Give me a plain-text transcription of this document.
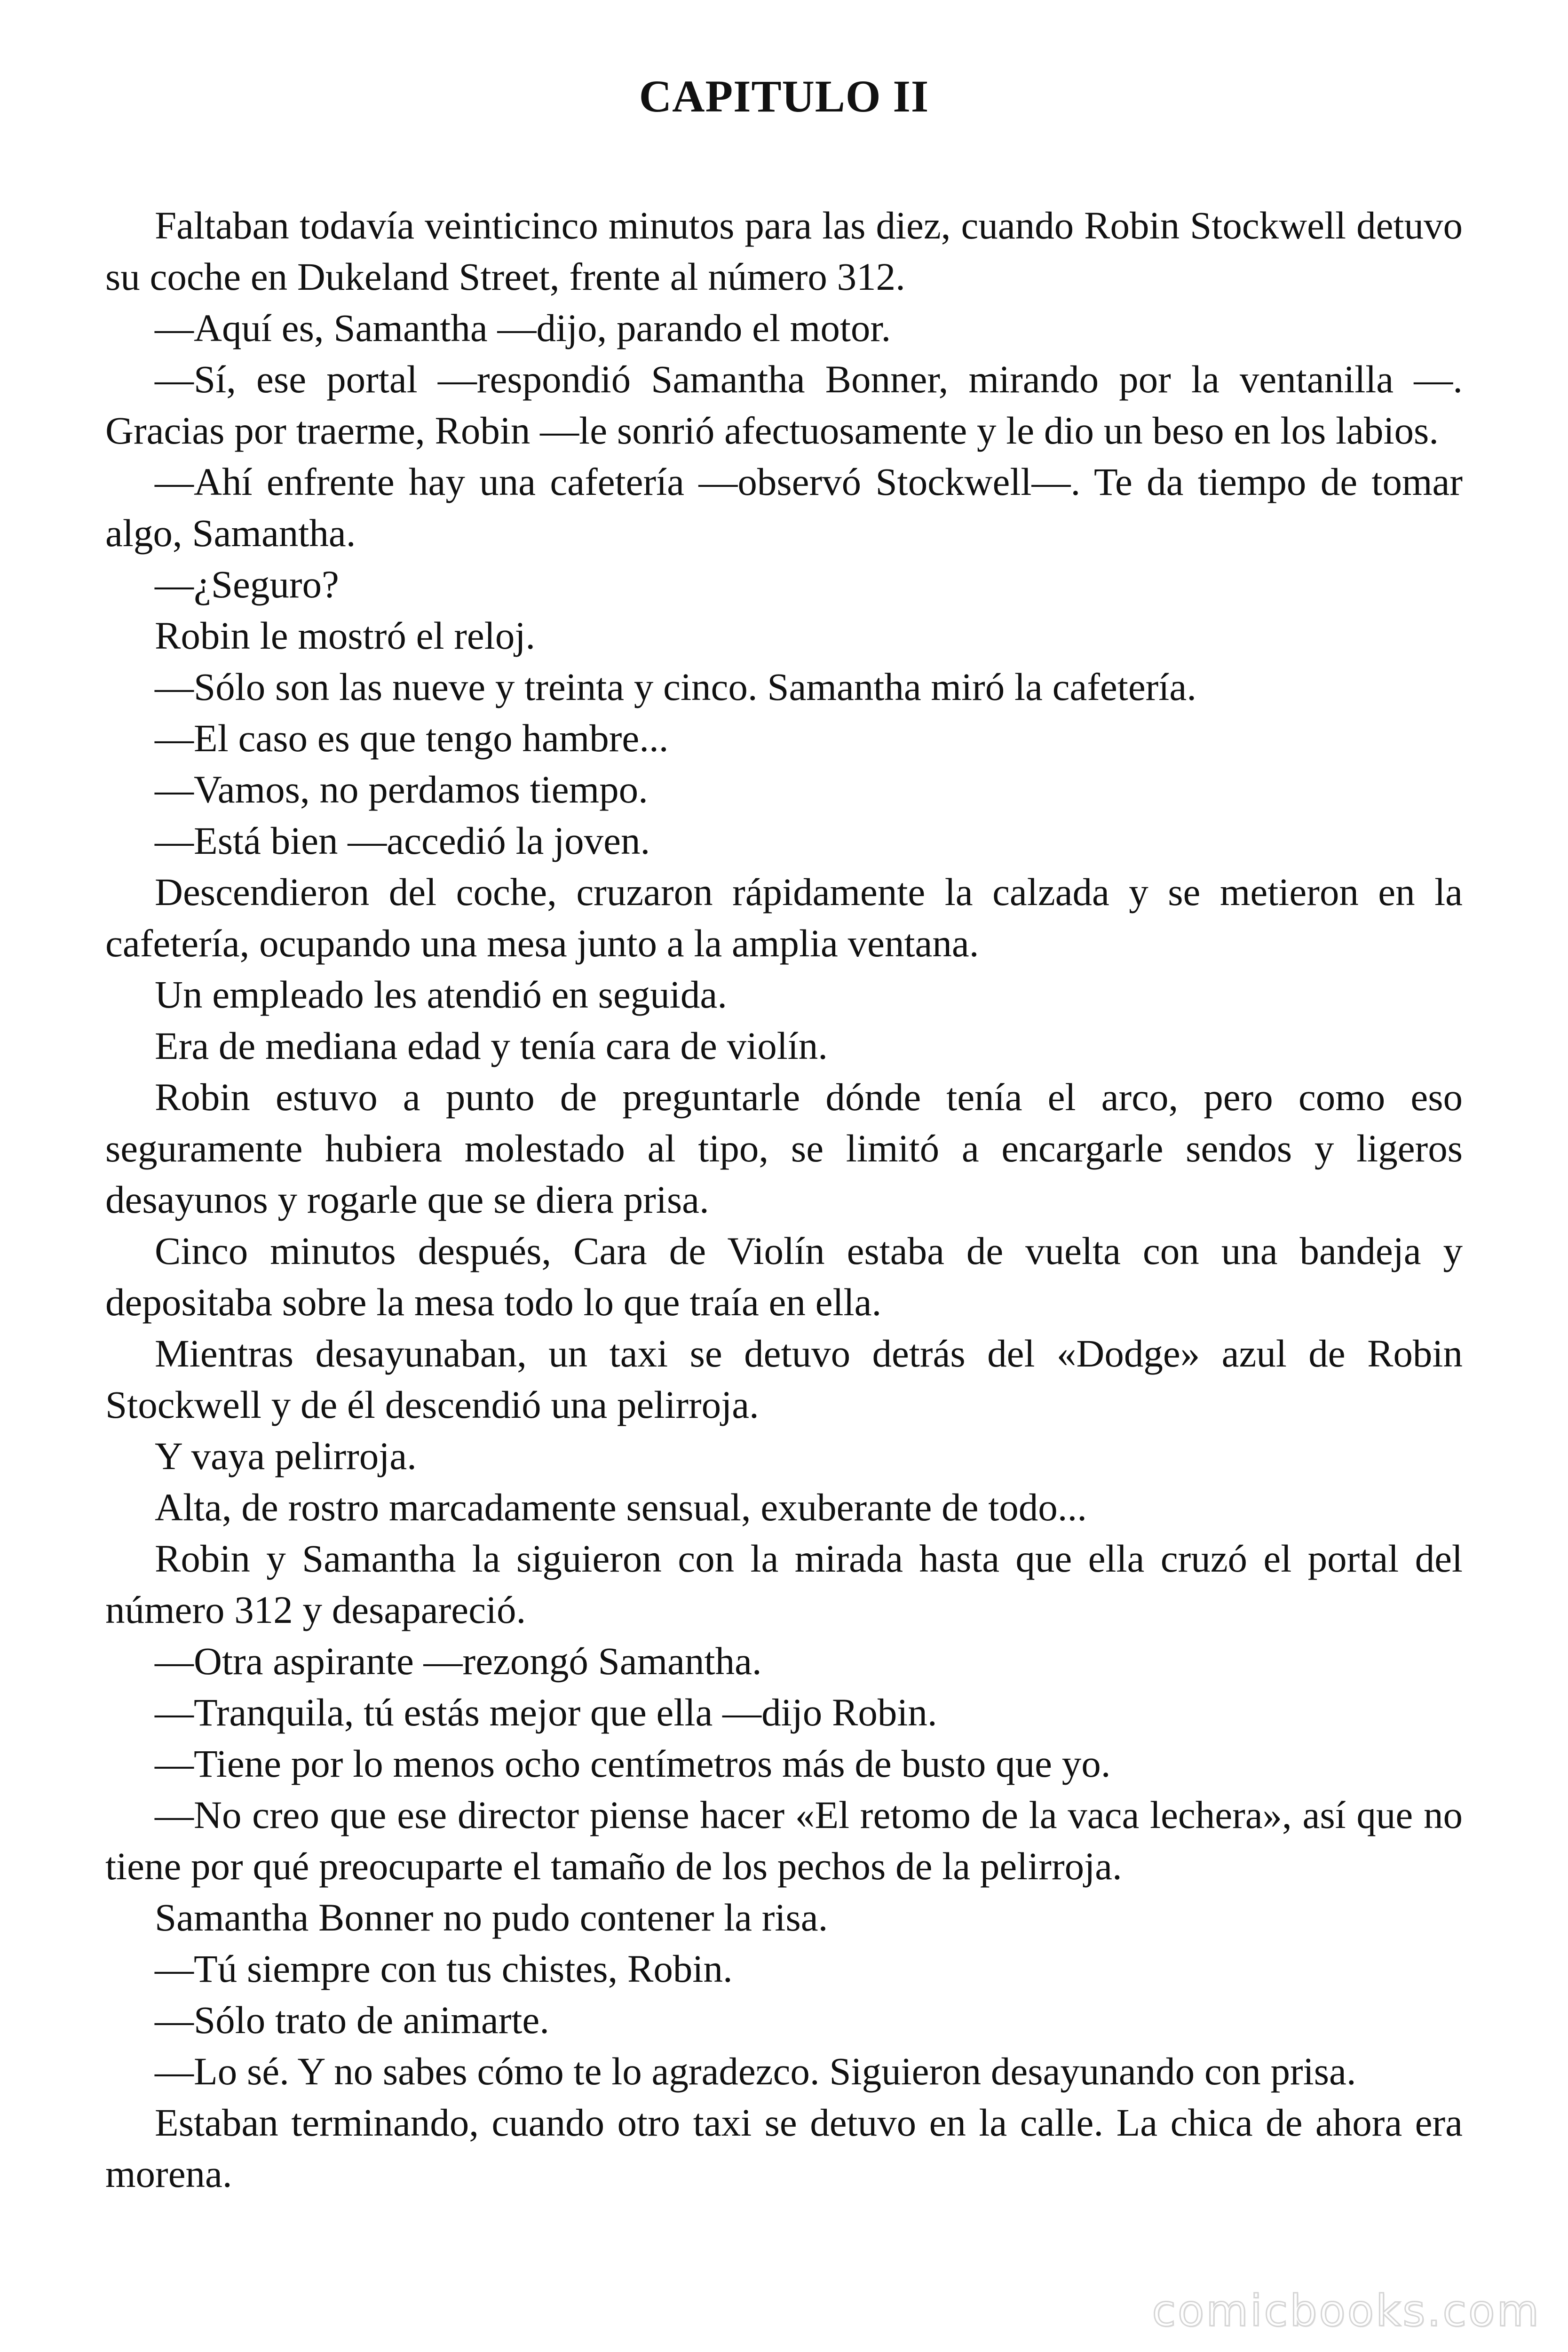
CAPITULO II

Faltaban todavía veinticinco minutos para las diez, cuando Robin Stockwell detuvo su coche en Dukeland Street, frente al número 312.

—Aquí es, Samantha —dijo, parando el motor.

—Sí, ese portal —respondió Samantha Bonner, mirando por la ventanilla —. Gracias por traerme, Robin —le sonrió afectuosamente y le dio un beso en los labios.

—Ahí enfrente hay una cafetería —observó Stockwell—. Te da tiempo de tomar algo, Samantha.

—¿Seguro?

Robin le mostró el reloj.

—Sólo son las nueve y treinta y cinco. Samantha miró la cafetería.

—El caso es que tengo hambre...

—Vamos, no perdamos tiempo.

—Está bien —accedió la joven.

Descendieron del coche, cruzaron rápidamente la calzada y se metieron en la cafetería, ocupando una mesa junto a la amplia ventana.

Un empleado les atendió en seguida.

Era de mediana edad y tenía cara de violín.

Robin estuvo a punto de preguntarle dónde tenía el arco, pero como eso seguramente hubiera molestado al tipo, se limitó a encargarle sendos y ligeros desayunos y rogarle que se diera prisa.

Cinco minutos después, Cara de Violín estaba de vuelta con una bandeja y depositaba sobre la mesa todo lo que traía en ella.

Mientras desayunaban, un taxi se detuvo detrás del «Dodge» azul de Robin Stockwell y de él descendió una pelirroja.

Y vaya pelirroja.

Alta, de rostro marcadamente sensual, exuberante de todo...

Robin y Samantha la siguieron con la mirada hasta que ella cruzó el portal del número 312 y desapareció.

—Otra aspirante —rezongó Samantha.

—Tranquila, tú estás mejor que ella —dijo Robin.

—Tiene por lo menos ocho centímetros más de busto que yo.

—No creo que ese director piense hacer «El retomo de la vaca lechera», así que no tiene por qué preocuparte el tamaño de los pechos de la pelirroja.

Samantha Bonner no pudo contener la risa.

—Tú siempre con tus chistes, Robin.

—Sólo trato de animarte.

—Lo sé. Y no sabes cómo te lo agradezco. Siguieron desayunando con prisa.

Estaban terminando, cuando otro taxi se detuvo en la calle. La chica de ahora era morena.

comicbooks.com
